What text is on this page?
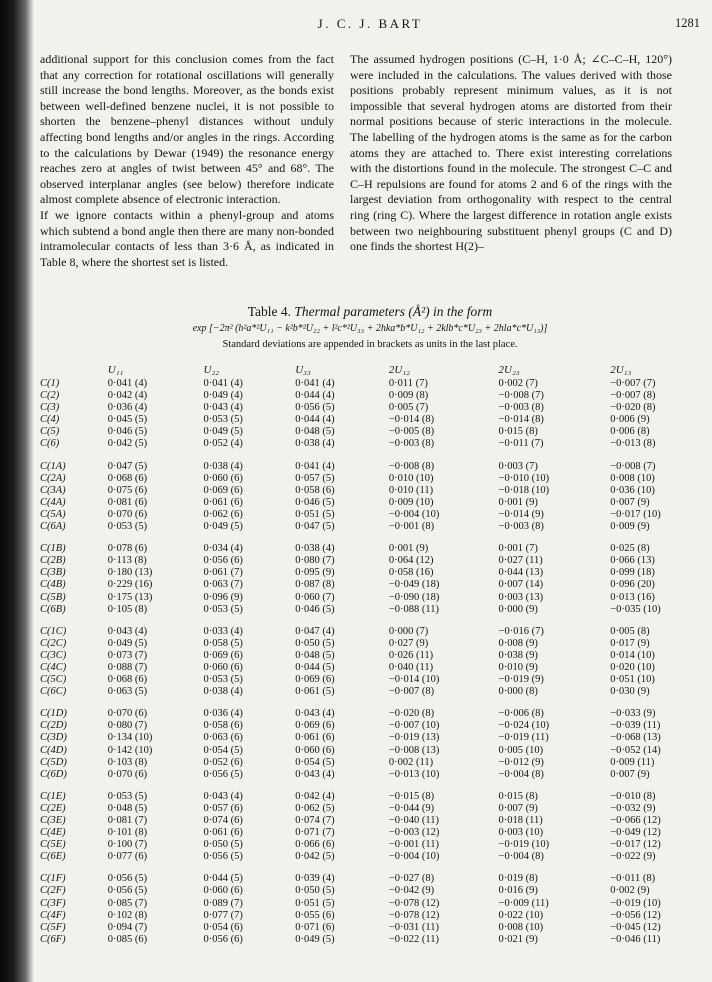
J. C. J. BART	1281

additional support for this conclusion comes from the fact that any correction for rotational oscillations will generally still increase the bond lengths. Moreover, as the bonds exist between well-defined benzene nuclei, it is not possible to shorten the benzene–phenyl distances without unduly affecting bond lengths and/or angles in the rings. According to the calculations by Dewar (1949) the resonance energy reaches zero at angles of twist between 45° and 68°. The observed interplanar angles (see below) therefore indicate almost complete absence of electronic interaction.

If we ignore contacts within a phenyl-group and atoms which subtend a bond angle then there are many non-bonded intramolecular contacts of less than 3·6 Å, as indicated in Table 8, where the shortest set is listed.

The assumed hydrogen positions (C–H, 1·0 Å; ∠C–C–H, 120°) were included in the calculations. The values derived with those positions probably represent minimum values, as it is not impossible that several hydrogen atoms are distorted from their normal positions because of steric interactions in the molecule. The labelling of the hydrogen atoms is the same as for the carbon atoms they are attached to. There exist interesting correlations with the distortions found in the molecule. The strongest C–C and C–H repulsions are found for atoms 2 and 6 of the rings with the largest deviation from orthogonality with respect to the central ring (ring C). Where the largest difference in rotation angle exists between two neighbouring substituent phenyl groups (C and D) one finds the shortest H(2)–

Table 4. Thermal parameters (Å²) in the form
exp [−2π² (h²a*²U₁₁ − k²b*²U₂₂ + l²c*²U₃₃ + 2hka*b*U₁₂ + 2klb*c*U₂₃ + 2hla*c*U₁₃)]
Standard deviations are appended in brackets as units in the last place.
	U₁₁	U₂₂	U₃₃	2U₁₂	2U₂₃	2U₁₃
C(1)	0·041 (4)	0·041 (4)	0·041 (4)	0·011 (7)	0·002 (7)	−0·007 (7)
C(2)	0·042 (4)	0·049 (4)	0·044 (4)	0·009 (8)	−0·008 (7)	−0·007 (8)
C(3)	0·036 (4)	0·043 (4)	0·056 (5)	0·005 (7)	−0·003 (8)	−0·020 (8)
C(4)	0·045 (5)	0·053 (5)	0·044 (4)	−0·014 (8)	−0·014 (8)	0·006 (9)
C(5)	0·046 (5)	0·049 (5)	0·048 (5)	−0·005 (8)	0·015 (8)	0·006 (8)
C(6)	0·042 (5)	0·052 (4)	0·038 (4)	−0·003 (8)	−0·011 (7)	−0·013 (8)

C(1A)	0·047 (5)	0·038 (4)	0·041 (4)	−0·008 (8)	0·003 (7)	−0·008 (7)
C(2A)	0·068 (6)	0·060 (6)	0·057 (5)	0·010 (10)	−0·010 (10)	0·008 (10)
C(3A)	0·075 (6)	0·069 (6)	0·058 (6)	0·010 (11)	−0·018 (10)	0·036 (10)
C(4A)	0·081 (6)	0·061 (6)	0·046 (5)	0·009 (10)	0·001 (9)	0·007 (9)
C(5A)	0·070 (6)	0·062 (6)	0·051 (5)	−0·004 (10)	−0·014 (9)	−0·017 (10)
C(6A)	0·053 (5)	0·049 (5)	0·047 (5)	−0·001 (8)	−0·003 (8)	0·009 (9)

C(1B)	0·078 (6)	0·034 (4)	0·038 (4)	0·001 (9)	0·001 (7)	0·025 (8)
C(2B)	0·113 (8)	0·056 (6)	0·080 (7)	0·064 (12)	0·027 (11)	0·066 (13)
C(3B)	0·180 (13)	0·061 (7)	0·095 (9)	0·058 (16)	0·044 (13)	0·099 (18)
C(4B)	0·229 (16)	0·063 (7)	0·087 (8)	−0·049 (18)	0·007 (14)	0·096 (20)
C(5B)	0·175 (13)	0·096 (9)	0·060 (7)	−0·090 (18)	0·003 (13)	0·013 (16)
C(6B)	0·105 (8)	0·053 (5)	0·046 (5)	−0·088 (11)	0·000 (9)	−0·035 (10)

C(1C)	0·043 (4)	0·033 (4)	0·047 (4)	0·000 (7)	−0·016 (7)	0·005 (8)
C(2C)	0·049 (5)	0·058 (5)	0·050 (5)	0·027 (9)	0·008 (9)	0·017 (9)
C(3C)	0·073 (7)	0·069 (6)	0·048 (5)	0·026 (11)	0·038 (9)	0·014 (10)
C(4C)	0·088 (7)	0·060 (6)	0·044 (5)	0·040 (11)	0·010 (9)	0·020 (10)
C(5C)	0·068 (6)	0·053 (5)	0·069 (6)	−0·014 (10)	−0·019 (9)	0·051 (10)
C(6C)	0·063 (5)	0·038 (4)	0·061 (5)	−0·007 (8)	0·000 (8)	0·030 (9)

C(1D)	0·070 (6)	0·036 (4)	0·043 (4)	−0·020 (8)	−0·006 (8)	−0·033 (9)
C(2D)	0·080 (7)	0·058 (6)	0·069 (6)	−0·007 (10)	−0·024 (10)	−0·039 (11)
C(3D)	0·134 (10)	0·063 (6)	0·061 (6)	−0·019 (13)	−0·019 (11)	−0·068 (13)
C(4D)	0·142 (10)	0·054 (5)	0·060 (6)	−0·008 (13)	0·005 (10)	−0·052 (14)
C(5D)	0·103 (8)	0·052 (6)	0·054 (5)	0·002 (11)	−0·012 (9)	0·009 (11)
C(6D)	0·070 (6)	0·056 (5)	0·043 (4)	−0·013 (10)	−0·004 (8)	0·007 (9)

C(1E)	0·053 (5)	0·043 (4)	0·042 (4)	−0·015 (8)	0·015 (8)	−0·010 (8)
C(2E)	0·048 (5)	0·057 (6)	0·062 (5)	−0·044 (9)	0·007 (9)	−0·032 (9)
C(3E)	0·081 (7)	0·074 (6)	0·074 (7)	−0·040 (11)	0·018 (11)	−0·066 (12)
C(4E)	0·101 (8)	0·061 (6)	0·071 (7)	−0·003 (12)	0·003 (10)	−0·049 (12)
C(5E)	0·100 (7)	0·050 (5)	0·066 (6)	−0·001 (11)	−0·019 (10)	−0·017 (12)
C(6E)	0·077 (6)	0·056 (5)	0·042 (5)	−0·004 (10)	−0·004 (8)	−0·022 (9)

C(1F)	0·056 (5)	0·044 (5)	0·039 (4)	−0·027 (8)	0·019 (8)	−0·011 (8)
C(2F)	0·056 (5)	0·060 (6)	0·050 (5)	−0·042 (9)	0·016 (9)	0·002 (9)
C(3F)	0·085 (7)	0·089 (7)	0·051 (5)	−0·078 (12)	−0·009 (11)	−0·019 (10)
C(4F)	0·102 (8)	0·077 (7)	0·055 (6)	−0·078 (12)	0·022 (10)	−0·056 (12)
C(5F)	0·094 (7)	0·054 (6)	0·071 (6)	−0·031 (11)	0·008 (10)	−0·045 (12)
C(6F)	0·085 (6)	0·056 (6)	0·049 (5)	−0·022 (11)	0·021 (9)	−0·046 (11)
